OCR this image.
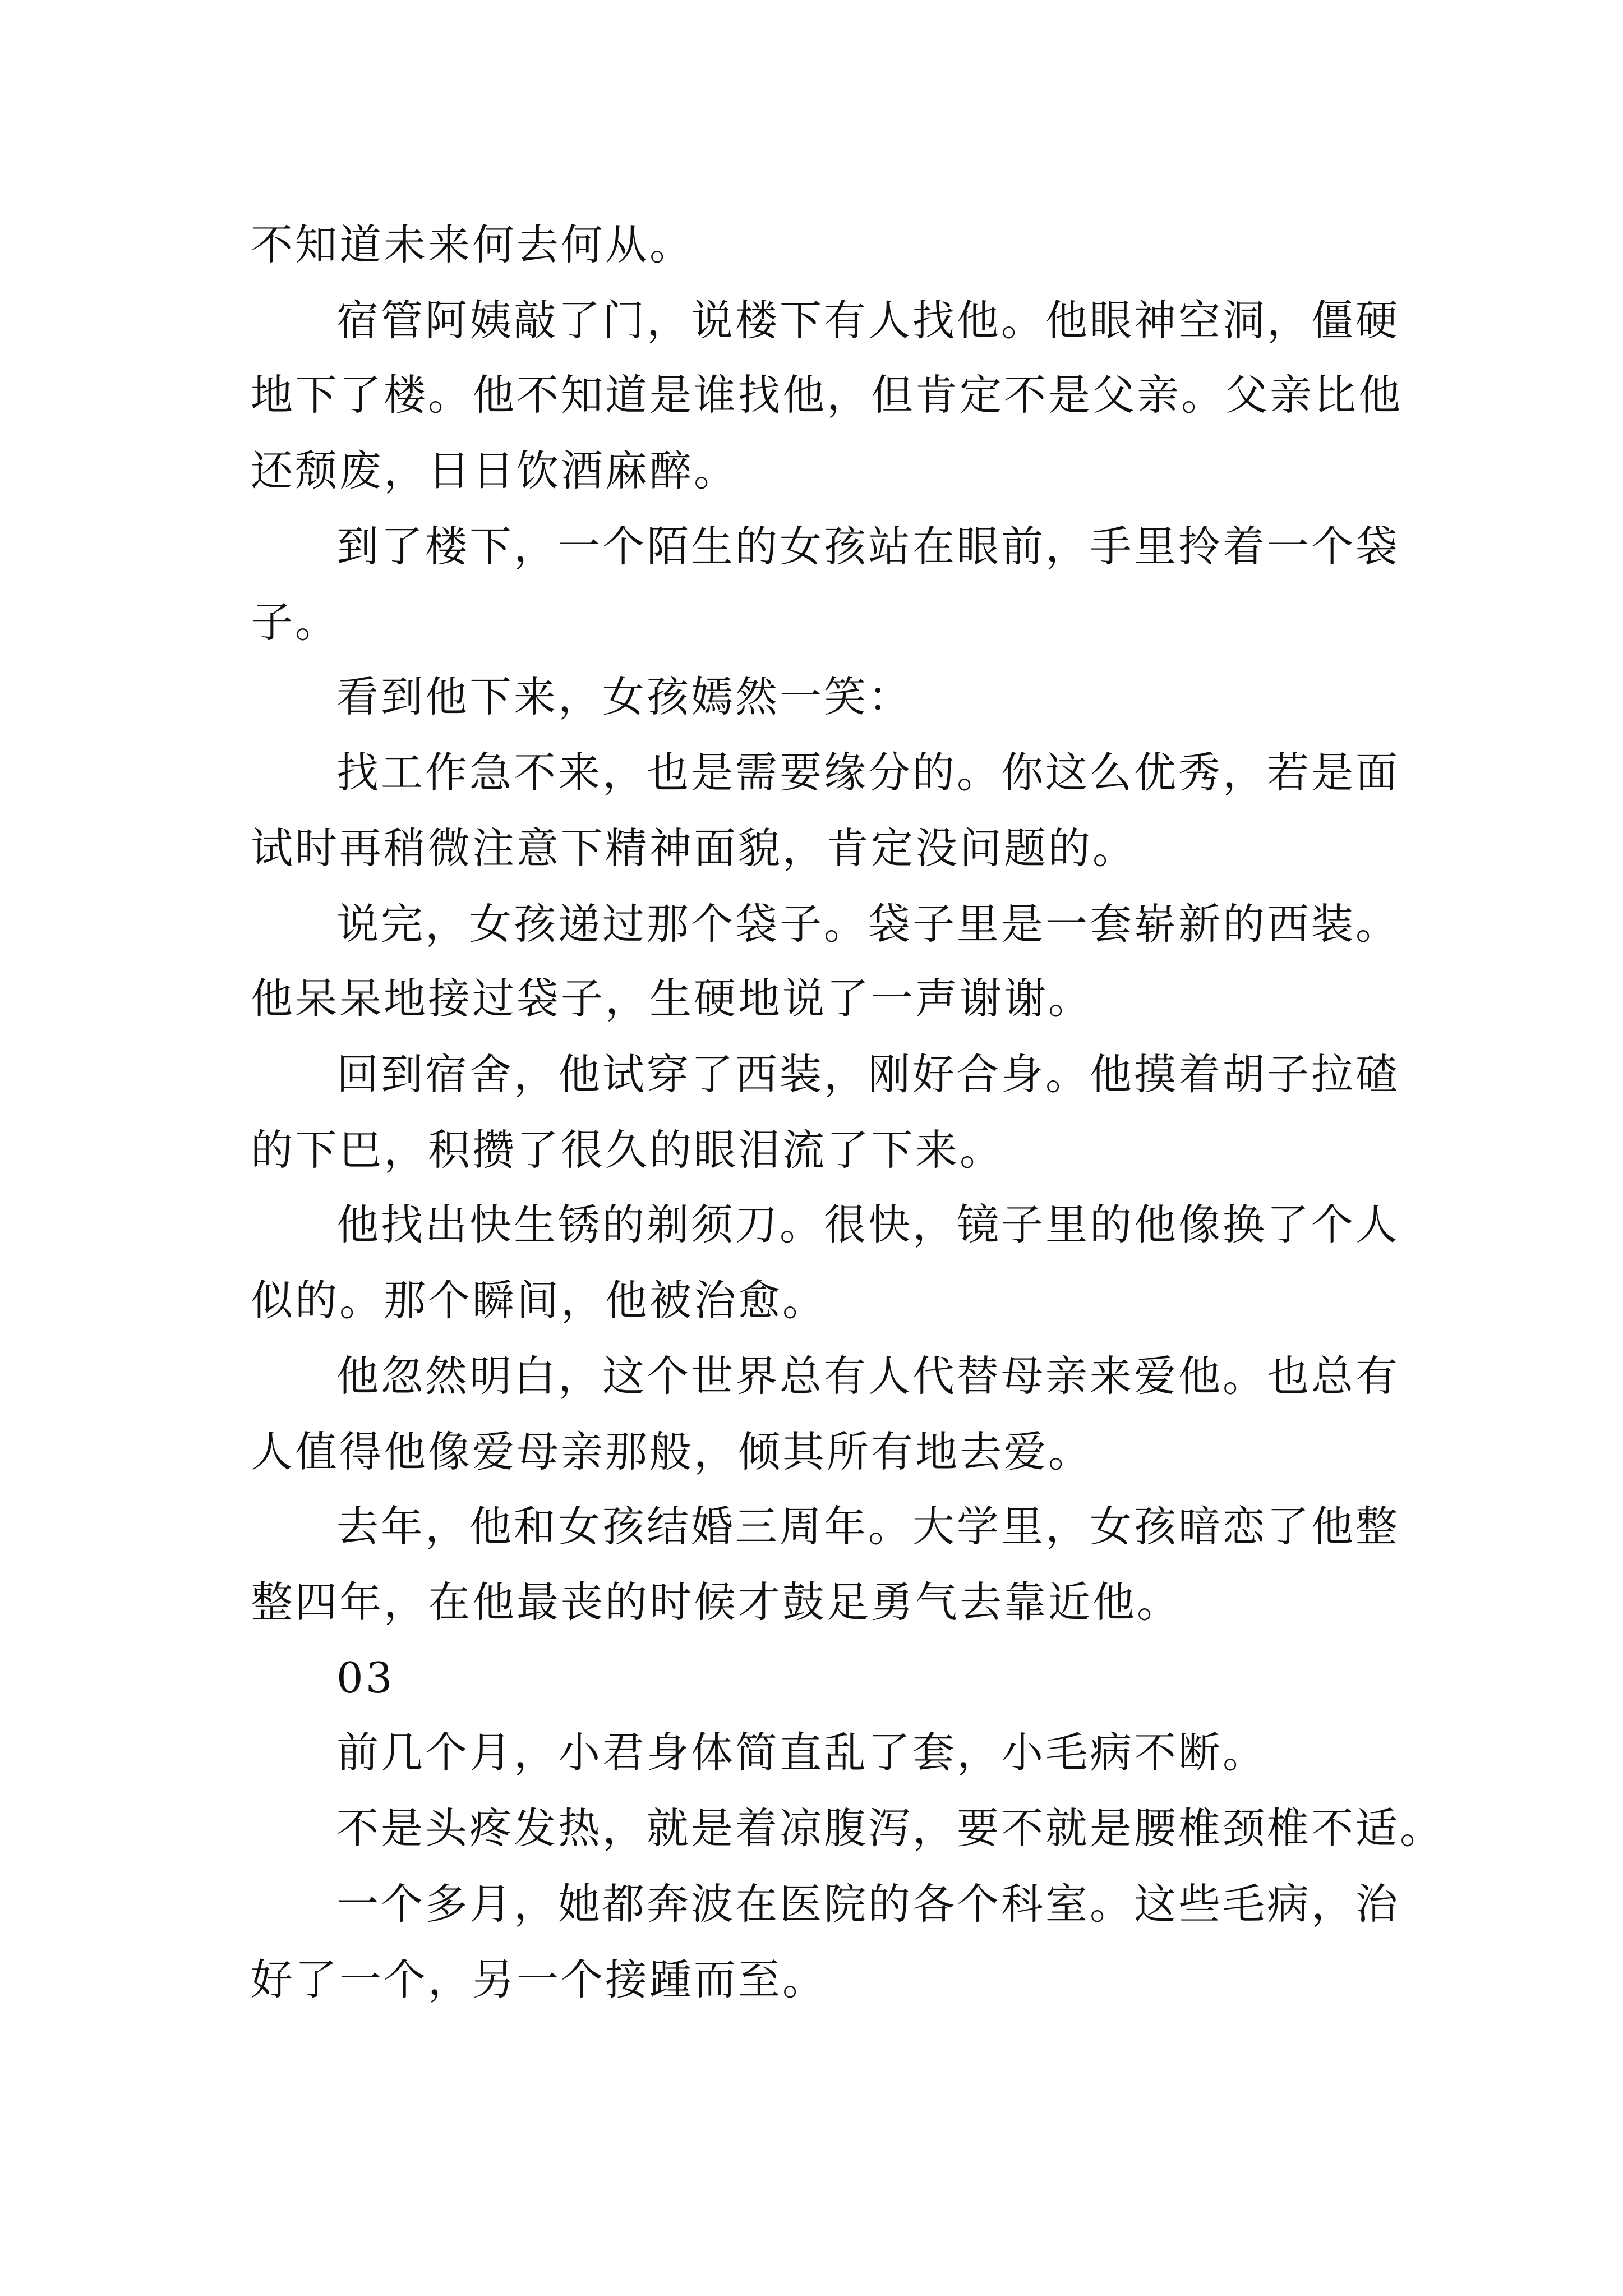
不知道未来何去何从。
宿管阿姨敲了门，说楼下有人找他。他眼神空洞，僵硬
地下了楼。他不知道是谁找他，但肯定不是父亲。父亲比他
还颓废，日日饮酒麻醉。
到了楼下，一个陌生的女孩站在眼前，手里拎着一个袋
子。
看到他下来，女孩嫣然一笑：
找工作急不来，也是需要缘分的。你这么优秀，若是面
试时再稍微注意下精神面貌，肯定没问题的。
说完，女孩递过那个袋子。袋子里是一套崭新的西装。
他呆呆地接过袋子，生硬地说了一声谢谢。
回到宿舍，他试穿了西装，刚好合身。他摸着胡子拉碴
的下巴，积攒了很久的眼泪流了下来。
他找出快生锈的剃须刀。很快，镜子里的他像换了个人
似的。那个瞬间，他被治愈。
他忽然明白，这个世界总有人代替母亲来爱他。也总有
人值得他像爱母亲那般，倾其所有地去爱。
去年，他和女孩结婚三周年。大学里，女孩暗恋了他整
整四年，在他最丧的时候才鼓足勇气去靠近他。
03
前几个月，小君身体简直乱了套，小毛病不断。
不是头疼发热，就是着凉腹泻，要不就是腰椎颈椎不适。
一个多月，她都奔波在医院的各个科室。这些毛病，治
好了一个，另一个接踵而至。
